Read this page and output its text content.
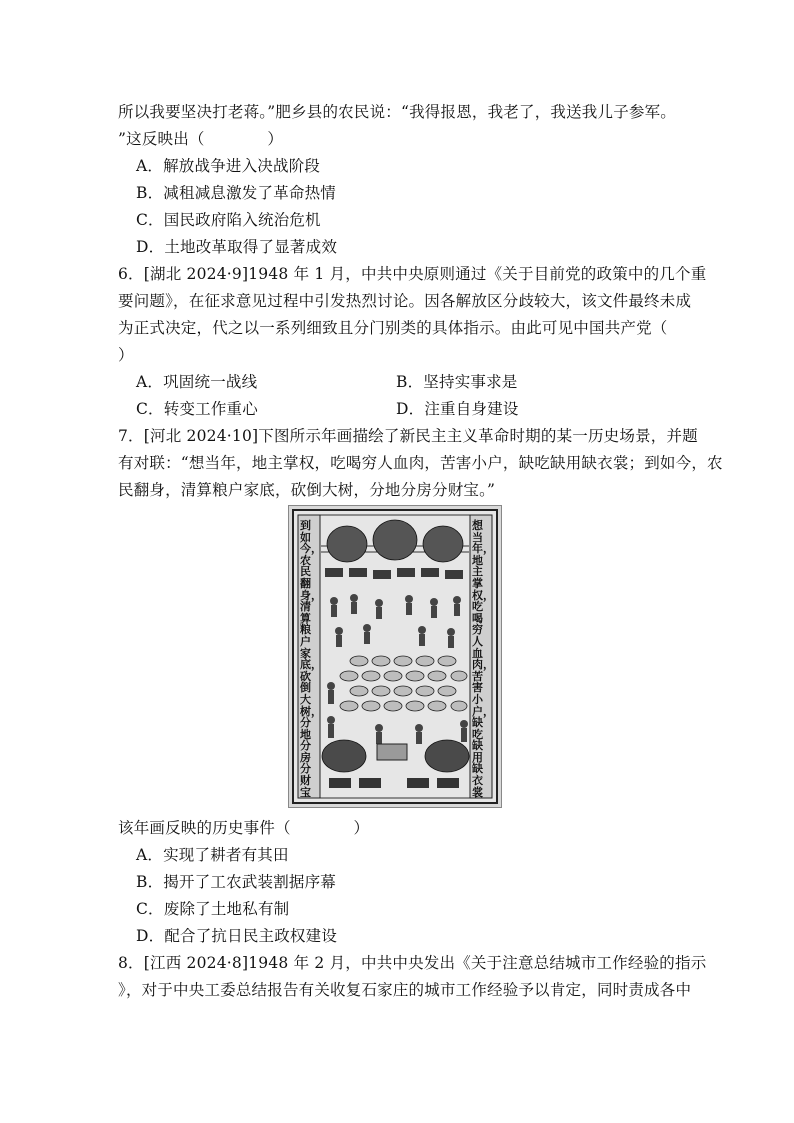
所以我要坚决打老蒋。”肥乡县的农民说：“我得报恩，我老了，我送我儿子参军。
”这反映出（　　　　）
A．解放战争进入决战阶段
B．减租减息激发了革命热情
C．国民政府陷入统治危机
D．土地改革取得了显著成效
6．[湖北 2024·9]1948 年 1 月，中共中央原则通过《关于目前党的政策中的几个重
要问题》，在征求意见过程中引发热烈讨论。因各解放区分歧较大，该文件最终未成
为正式决定，代之以一系列细致且分门别类的具体指示。由此可见中国共产党（
）
A．巩固统一战线	B．坚持实事求是
C．转变工作重心	D．注重自身建设
7．[河北 2024·10]下图所示年画描绘了新民主主义革命时期的某一历史场景，并题
有对联：“想当年，地主掌权，吃喝穷人血肉，苦害小户，缺吃缺用缺衣裳；到如今，农
民翻身，清算粮户家底，砍倒大树，分地分房分财宝。”
到如今，农民翻身，清算粮户家底，砍倒大树，分地分房分财宝
想当年，地主掌权，吃喝穷人血肉，苦害小户，缺吃缺用缺衣裳
该年画反映的历史事件（　　　　）
A．实现了耕者有其田
B．揭开了工农武装割据序幕
C．废除了土地私有制
D．配合了抗日民主政权建设
8．[江西 2024·8]1948 年 2 月，中共中央发出《关于注意总结城市工作经验的指示
》，对于中央工委总结报告有关收复石家庄的城市工作经验予以肯定，同时责成各中
